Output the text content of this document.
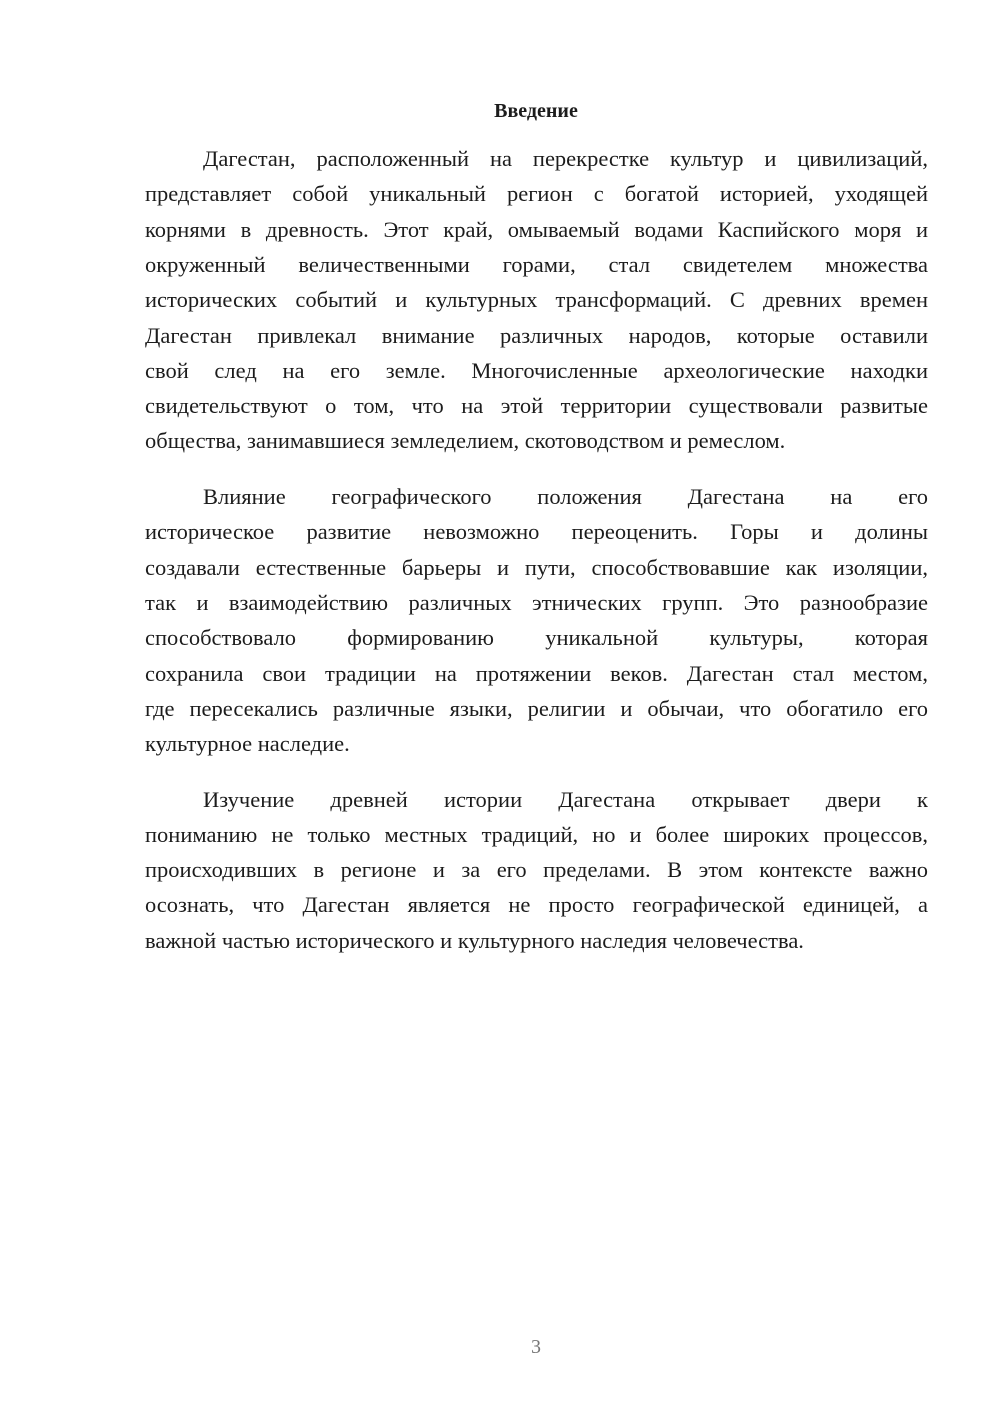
Введение
Дагестан, расположенный на перекрестке культур и цивилизаций,
представляет собой уникальный регион с богатой историей, уходящей
корнями в древность. Этот край, омываемый водами Каспийского моря и
окруженный величественными горами, стал свидетелем множества
исторических событий и культурных трансформаций. С древних времен
Дагестан привлекал внимание различных народов, которые оставили
свой след на его земле. Многочисленные археологические находки
свидетельствуют о том, что на этой территории существовали развитые
общества, занимавшиеся земледелием, скотоводством и ремеслом.
Влияние географического положения Дагестана на его
историческое развитие невозможно переоценить. Горы и долины
создавали естественные барьеры и пути, способствовавшие как изоляции,
так и взаимодействию различных этнических групп. Это разнообразие
способствовало формированию уникальной культуры, которая
сохранила свои традиции на протяжении веков. Дагестан стал местом,
где пересекались различные языки, религии и обычаи, что обогатило его
культурное наследие.
Изучение древней истории Дагестана открывает двери к
пониманию не только местных традиций, но и более широких процессов,
происходивших в регионе и за его пределами. В этом контексте важно
осознать, что Дагестан является не просто географической единицей, а
важной частью исторического и культурного наследия человечества.
3
